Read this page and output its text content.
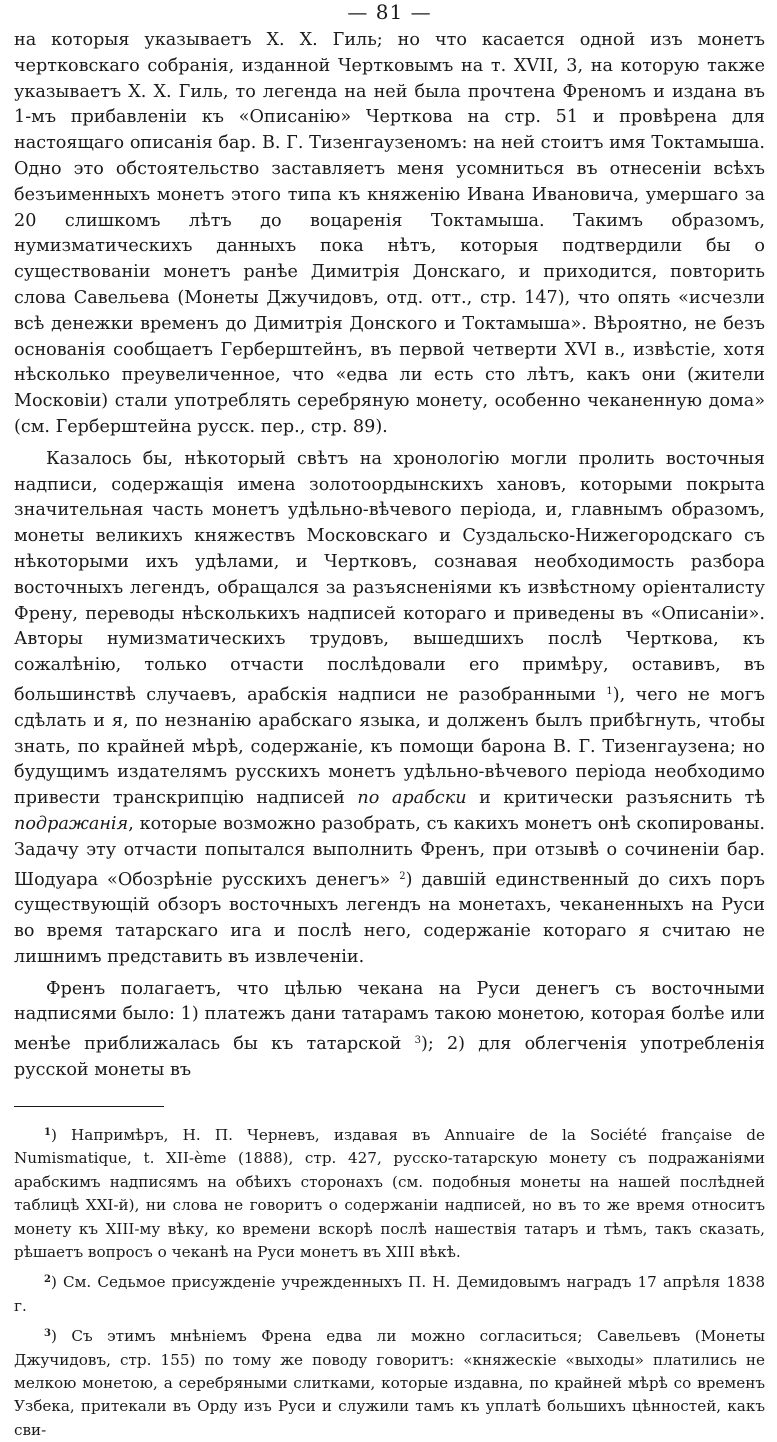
— 81 —

на которыя указываетъ Х. Х. Гиль; но что касается одной изъ монетъ чертковскаго собранія, изданной Чертковымъ на т. XVII, 3, на которую также указываетъ Х. Х. Гиль, то легенда на ней была прочтена Френомъ и издана въ 1-мъ прибавленіи къ «Описанію» Черткова на стр. 51 и провѣрена для настоящаго описанія бар. В. Г. Тизенгаузеномъ: на ней стоитъ имя Токтамыша. Одно это обстоятельство заставляетъ меня усомниться въ отнесеніи всѣхъ безъименныхъ монетъ этого типа къ княженію Ивана Ивановича, умершаго за 20 слишкомъ лѣтъ до воцаренія Токтамыша. Такимъ образомъ, нумизматическихъ данныхъ пока нѣтъ, которыя подтвердили бы о существованіи монетъ ранѣе Димитрія Донскаго, и приходится, повторить слова Савельева (Монеты Джучидовъ, отд. отт., стр. 147), что опять «исчезли всѣ денежки временъ до Димитрія Донского и Токтамыша». Вѣроятно, не безъ основанія сообщаетъ Герберштейнъ, въ первой четверти XVI в., извѣстіе, хотя нѣсколько преувеличенное, что «едва ли есть сто лѣтъ, какъ они (жители Московіи) стали употреблять серебряную монету, особенно чеканенную дома» (см. Герберштейна русск. пер., стр. 89).

Казалось бы, нѣкоторый свѣтъ на хронологію могли пролить восточныя надписи, содержащія имена золотоордынскихъ хановъ, которыми покрыта значительная часть монетъ удѣльно-вѣчевого періода, и, главнымъ образомъ, монеты великихъ княжествъ Московскаго и Суздальско-Нижегородскаго съ нѣкоторыми ихъ удѣлами, и Чертковъ, сознавая необходимость разбора восточныхъ легендъ, обращался за разъясненіями къ извѣстному оріенталисту Френу, переводы нѣсколькихъ надписей котораго и приведены въ «Описаніи». Авторы нумизматическихъ трудовъ, вышедшихъ послѣ Черткова, къ сожалѣнію, только отчасти послѣдовали его примѣру, оставивъ, въ большинствѣ случаевъ, арабскія надписи не разобранными $^1$), чего не могъ сдѣлать и я, по незнанію арабскаго языка, и долженъ былъ прибѣгнуть, чтобы знать, по крайней мѣрѣ, содержаніе, къ помощи барона В. Г. Тизенгаузена; но будущимъ издателямъ русскихъ монетъ удѣльно-вѣчевого періода необходимо привести транскрипцію надписей по арабски и критически разъяснить тѣ подражанія, которые возможно разобрать, съ какихъ монетъ онѣ скопированы. Задачу эту отчасти попытался выполнить Френъ, при отзывѣ о сочиненіи бар. Шодуара «Обозрѣніе русскихъ денегъ» $^2$) давшій единственный до сихъ поръ существующій обзоръ восточныхъ легендъ на монетахъ, чеканенныхъ на Руси во время татарскаго ига и послѣ него, содержаніе котораго я считаю не лишнимъ представить въ извлеченіи.

Френъ полагаетъ, что цѣлью чекана на Руси денегъ съ восточными надписями было: 1) платежъ дани татарамъ такою монетою, которая болѣе или менѣе приближалась бы къ татарской $^3$); 2) для облегченія употребленія русской монеты въ

$^1$) Напримѣръ, Н. П. Черневъ, издавая въ Annuaire de la Société française de Numismatique, t. XII-ème (1888), стр. 427, русско-татарскую монету съ подражаніями арабскимъ надписямъ на обѣихъ сторонахъ (см. подобныя монеты на нашей послѣдней таблицѣ XXI-й), ни слова не говоритъ о содержаніи надписей, но въ то же время относитъ монету къ XIII-му вѣку, ко времени вскорѣ послѣ нашествія татаръ и тѣмъ, такъ сказать, рѣшаетъ вопросъ о чеканѣ на Руси монетъ въ XIII вѣкѣ.

$^2$) См. Седьмое присужденіе учрежденныхъ П. Н. Демидовымъ наградъ 17 апрѣля 1838 г.

$^3$) Съ этимъ мнѣніемъ Френа едва ли можно согласиться; Савельевъ (Монеты Джучидовъ, стр. 155) по тому же поводу говоритъ: «княжескіе «выходы» платились не мелкою монетою, а серебряными слитками, которые издавна, по крайней мѣрѣ со временъ Узбека, притекали въ Орду изъ Руси и служили тамъ къ уплатѣ большихъ цѣнностей, какъ сви-
